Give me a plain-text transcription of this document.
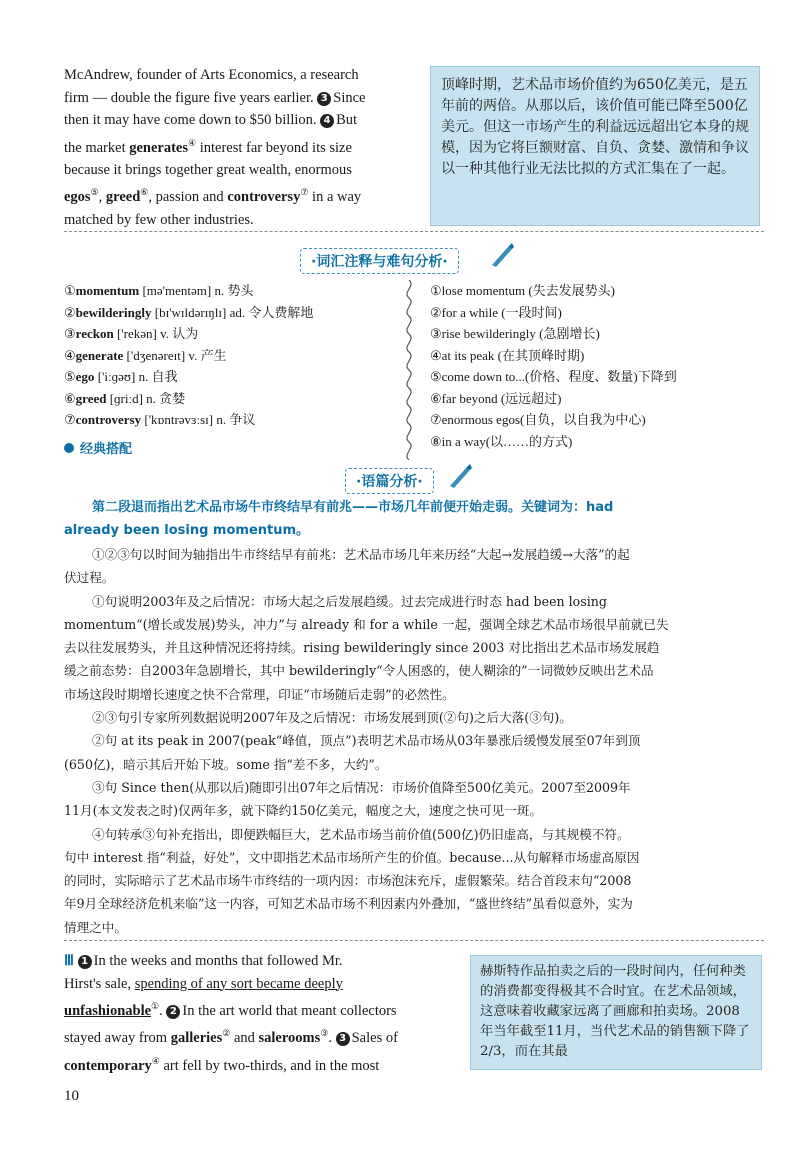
McAndrew, founder of Arts Economics, a research
firm — double the figure five years earlier. 3 Since
then it may have come down to $50 billion. 4 But
the market generates④ interest far beyond its size
because it brings together great wealth, enormous
egos⑤, greed⑥, passion and controversy⑦ in a way
matched by few other industries.
顶峰时期，艺术品市场价值约为650亿美元，是五年前的两倍。从那以后，该价值可能已降至500亿美元。但这一市场产生的利益远远超出它本身的规模，因为它将巨额财富、自负、贪婪、激情和争议以一种其他行业无法比拟的方式汇集在了一起。
·词汇注释与难句分析·
①momentum [mə'mentəm] n. 势头
②bewilderingly [bɪ'wɪldərɪŋlɪ] ad. 令人费解地
③reckon ['rekən] v. 认为
④generate ['dʒenəreɪt] v. 产生
⑤ego ['iːɡəʊ] n. 自我
⑥greed [ɡriːd] n. 贪婪
⑦controversy ['kɒntrəvɜːsɪ] n. 争议
经典搭配
①lose momentum (失去发展势头)
②for a while (一段时间)
③rise bewilderingly (急剧增长)
④at its peak (在其顶峰时期)
⑤come down to...(价格、程度、数量)下降到
⑥far beyond (远远超过)
⑦enormous egos(自负，以自我为中心)
⑧in a way(以……的方式)
·语篇分析·
第二段退而指出艺术品市场牛市终结早有前兆——市场几年前便开始走弱。关键词为：had
already been losing momentum。
①②③句以时间为轴指出牛市终结早有前兆：艺术品市场几年来历经“大起→发展趋缓→大落”的起
伏过程。
①句说明2003年及之后情况：市场大起之后发展趋缓。过去完成进行时态 had been losing
momentum“(增长或发展)势头，冲力”与 already 和 for a while 一起，强调全球艺术品市场很早前就已失
去以往发展势头，并且这种情况还将持续。rising bewilderingly since 2003 对比指出艺术品市场发展趋
缓之前态势：自2003年急剧增长，其中 bewilderingly“令人困惑的，使人糊涂的”一词微妙反映出艺术品
市场这段时期增长速度之快不合常理，印证“市场随后走弱”的必然性。
②③句引专家所列数据说明2007年及之后情况：市场发展到顶(②句)之后大落(③句)。
②句 at its peak in 2007(peak“峰值，顶点”)表明艺术品市场从03年暴涨后缓慢发展至07年到顶
(650亿)，暗示其后开始下坡。some 指“差不多，大约”。
③句 Since then(从那以后)随即引出07年之后情况：市场价值降至500亿美元。2007至2009年
11月(本文发表之时)仅两年多，就下降约150亿美元，幅度之大，速度之快可见一斑。
④句转承③句补充指出，即便跌幅巨大，艺术品市场当前价值(500亿)仍旧虚高，与其规模不符。
句中 interest 指“利益，好处”，文中即指艺术品市场所产生的价值。because...从句解释市场虚高原因
的同时，实际暗示了艺术品市场牛市终结的一项内因：市场泡沫充斥，虚假繁荣。结合首段末句“2008
年9月全球经济危机来临”这一内容，可知艺术品市场不利因素内外叠加，“盛世终结”虽看似意外，实为
情理之中。
Ⅲ 1 In the weeks and months that followed Mr.
Hirst's sale, spending of any sort became deeply
unfashionable①. 2 In the art world that meant collectors
stayed away from galleries② and salerooms③. 3 Sales of
contemporary④ art fell by two-thirds, and in the most
赫斯特作品拍卖之后的一段时间内，任何种类的消费都变得极其不合时宜。在艺术品领域，这意味着收藏家远离了画廊和拍卖场。2008年当年截至11月，当代艺术品的销售额下降了2/3，而在其最
10
